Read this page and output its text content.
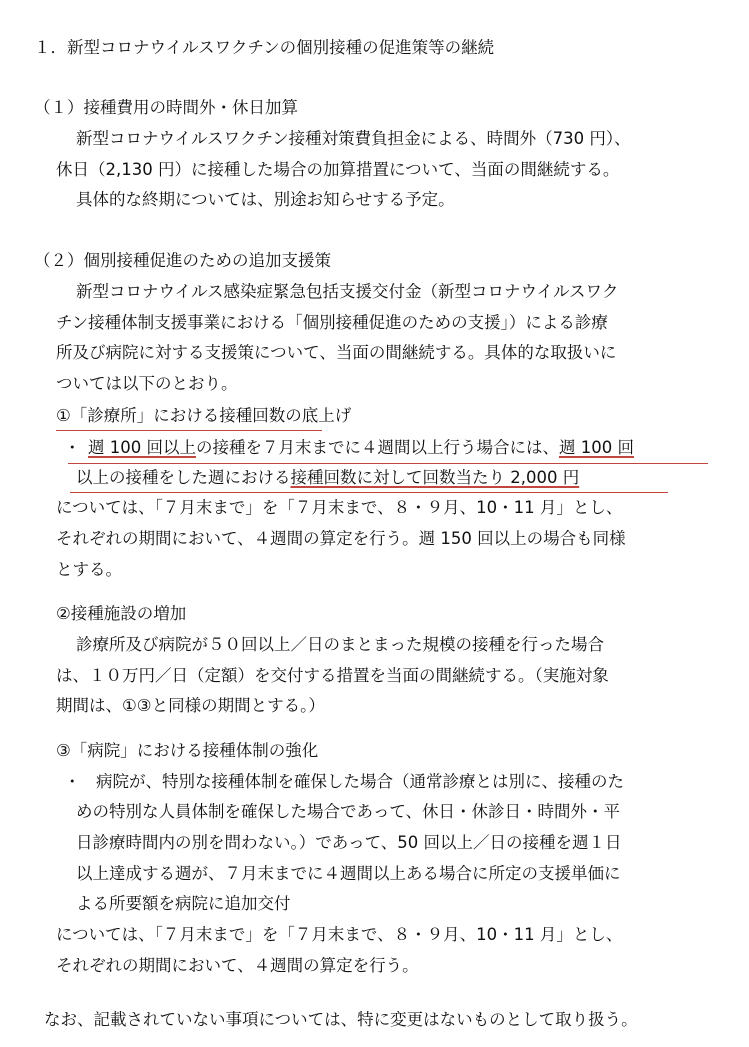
１．新型コロナウイルスワクチンの個別接種の促進策等の継続
（１）接種費用の時間外・休日加算
新型コロナウイルスワクチン接種対策費負担金による、時間外（730 円）、
休日（2,130 円）に接種した場合の加算措置について、当面の間継続する。
具体的な終期については、別途お知らせする予定。
（２）個別接種促進のための追加支援策
新型コロナウイルス感染症緊急包括支援交付金（新型コロナウイルスワク
チン接種体制支援事業における「個別接種促進のための支援」）による診療
所及び病院に対する支援策について、当面の間継続する。具体的な取扱いに
ついては以下のとおり。
①「診療所」における接種回数の底上げ
・ 週 100 回以上の接種を７月末までに４週間以上行う場合には、週 100 回
以上の接種をした週における接種回数に対して回数当たり 2,000 円
については、「７月末まで」を「７月末まで、８・９月、10・11 月」とし、
それぞれの期間において、４週間の算定を行う。週 150 回以上の場合も同様
とする。
②接種施設の増加
診療所及び病院が５０回以上／日のまとまった規模の接種を行った場合
は、１０万円／日（定額）を交付する措置を当面の間継続する。（実施対象
期間は、①③と同様の期間とする。）
③「病院」における接種体制の強化
・ 病院が、特別な接種体制を確保した場合（通常診療とは別に、接種のた
めの特別な人員体制を確保した場合であって、休日・休診日・時間外・平
日診療時間内の別を問わない。）であって、50 回以上／日の接種を週１日
以上達成する週が、７月末までに４週間以上ある場合に所定の支援単価に
よる所要額を病院に追加交付
については、「７月末まで」を「７月末まで、８・９月、10・11 月」とし、
それぞれの期間において、４週間の算定を行う。
なお、記載されていない事項については、特に変更はないものとして取り扱う。
